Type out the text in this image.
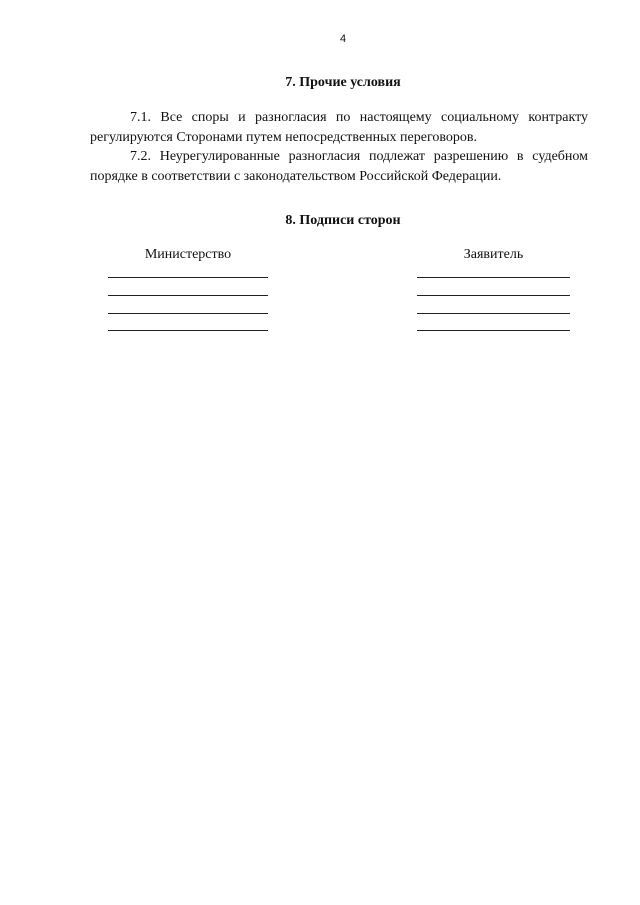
4
7. Прочие условия

7.1. Все споры и разногласия по настоящему социальному контракту регулируются Сторонами путем непосредственных переговоров.

7.2. Неурегулированные разногласия подлежат разрешению в судебном порядке в соответствии с законодательством Российской Федерации.

8. Подписи сторон
Министерство	Заявитель
